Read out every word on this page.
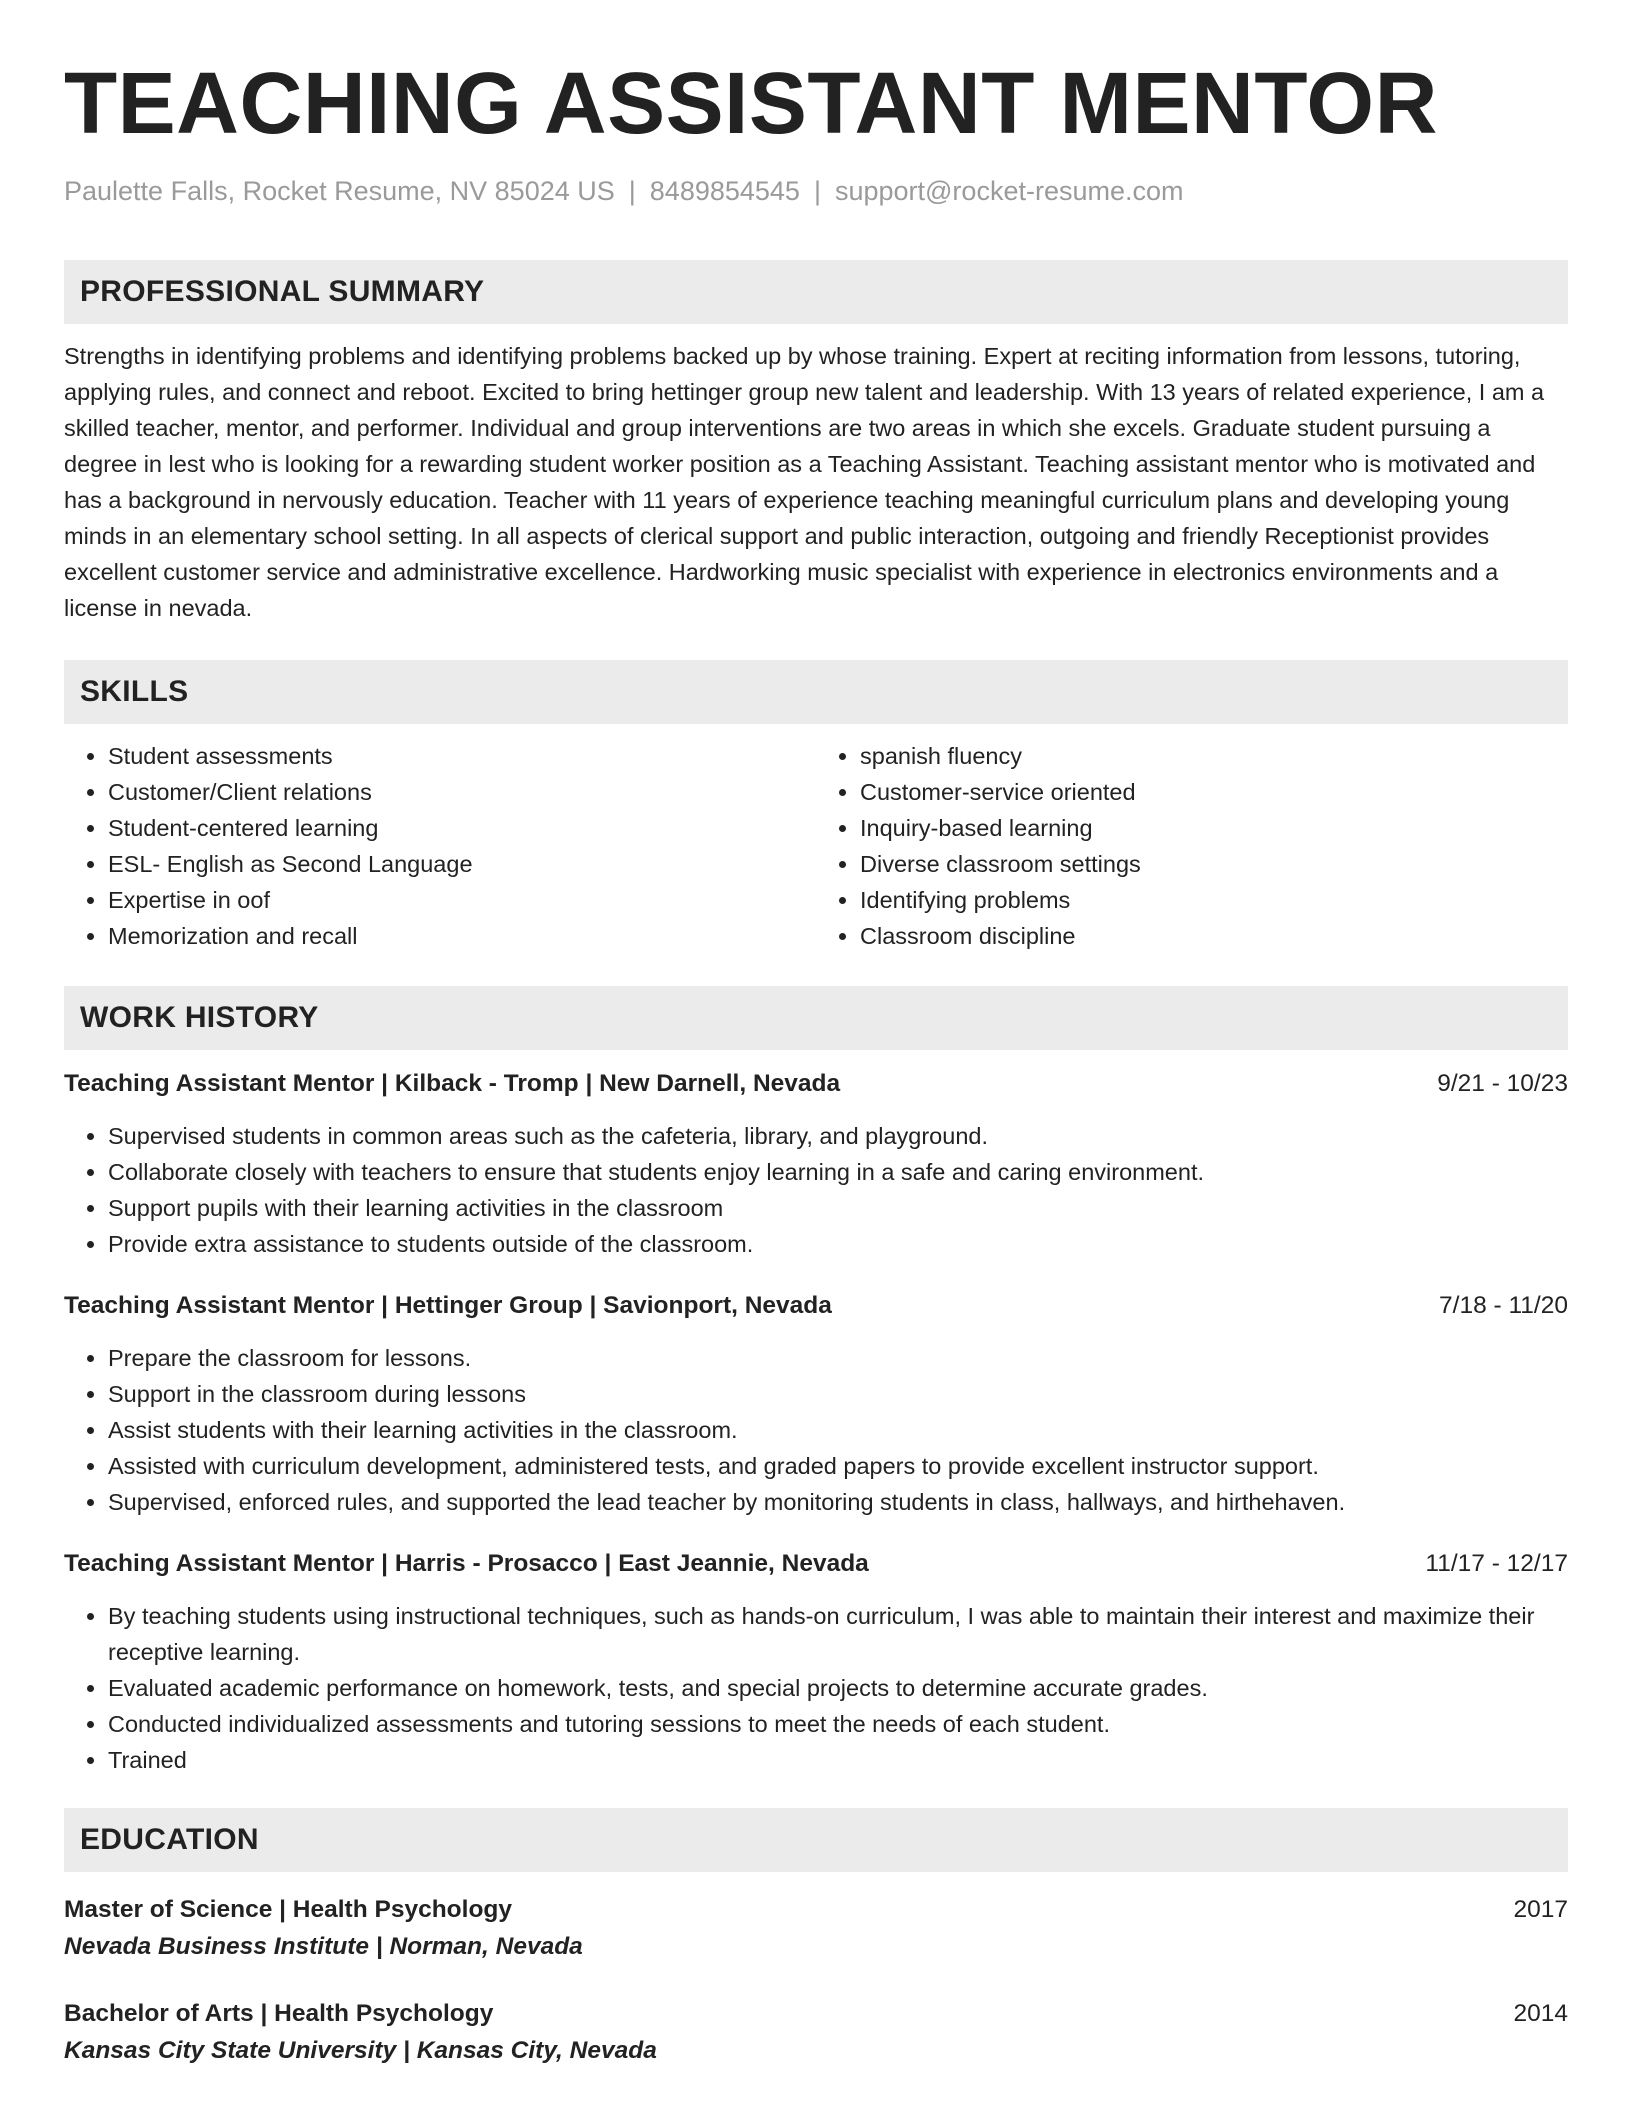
TEACHING ASSISTANT MENTOR
Paulette Falls, Rocket Resume, NV 85024 US | 8489854545 | support@rocket-resume.com
PROFESSIONAL SUMMARY

Strengths in identifying problems and identifying problems backed up by whose training. Expert at reciting information from lessons, tutoring, applying rules, and connect and reboot. Excited to bring hettinger group new talent and leadership. With 13 years of related experience, I am a skilled teacher, mentor, and performer. Individual and group interventions are two areas in which she excels. Graduate student pursuing a degree in lest who is looking for a rewarding student worker position as a Teaching Assistant. Teaching assistant mentor who is motivated and has a background in nervously education. Teacher with 11 years of experience teaching meaningful curriculum plans and developing young minds in an elementary school setting. In all aspects of clerical support and public interaction, outgoing and friendly Receptionist provides excellent customer service and administrative excellence. Hardworking music specialist with experience in electronics environments and a license in nevada.

SKILLS
• Student assessments
• Customer/Client relations
• Student-centered learning
• ESL- English as Second Language
• Expertise in oof
• Memorization and recall
• spanish fluency
• Customer-service oriented
• Inquiry-based learning
• Diverse classroom settings
• Identifying problems
• Classroom discipline
WORK HISTORY
Teaching Assistant Mentor | Kilback - Tromp | New Darnell, Nevada	9/21 - 10/23
• Supervised students in common areas such as the cafeteria, library, and playground.
• Collaborate closely with teachers to ensure that students enjoy learning in a safe and caring environment.
• Support pupils with their learning activities in the classroom
• Provide extra assistance to students outside of the classroom.
Teaching Assistant Mentor | Hettinger Group | Savionport, Nevada	7/18 - 11/20
• Prepare the classroom for lessons.
• Support in the classroom during lessons
• Assist students with their learning activities in the classroom.
• Assisted with curriculum development, administered tests, and graded papers to provide excellent instructor support.
• Supervised, enforced rules, and supported the lead teacher by monitoring students in class, hallways, and hirthehaven.
Teaching Assistant Mentor | Harris - Prosacco | East Jeannie, Nevada	11/17 - 12/17
• By teaching students using instructional techniques, such as hands-on curriculum, I was able to maintain their interest and maximize their receptive learning.
• Evaluated academic performance on homework, tests, and special projects to determine accurate grades.
• Conducted individualized assessments and tutoring sessions to meet the needs of each student.
• Trained
EDUCATION
Master of Science | Health Psychology	2017
Nevada Business Institute | Norman, Nevada
Bachelor of Arts | Health Psychology	2014
Kansas City State University | Kansas City, Nevada
